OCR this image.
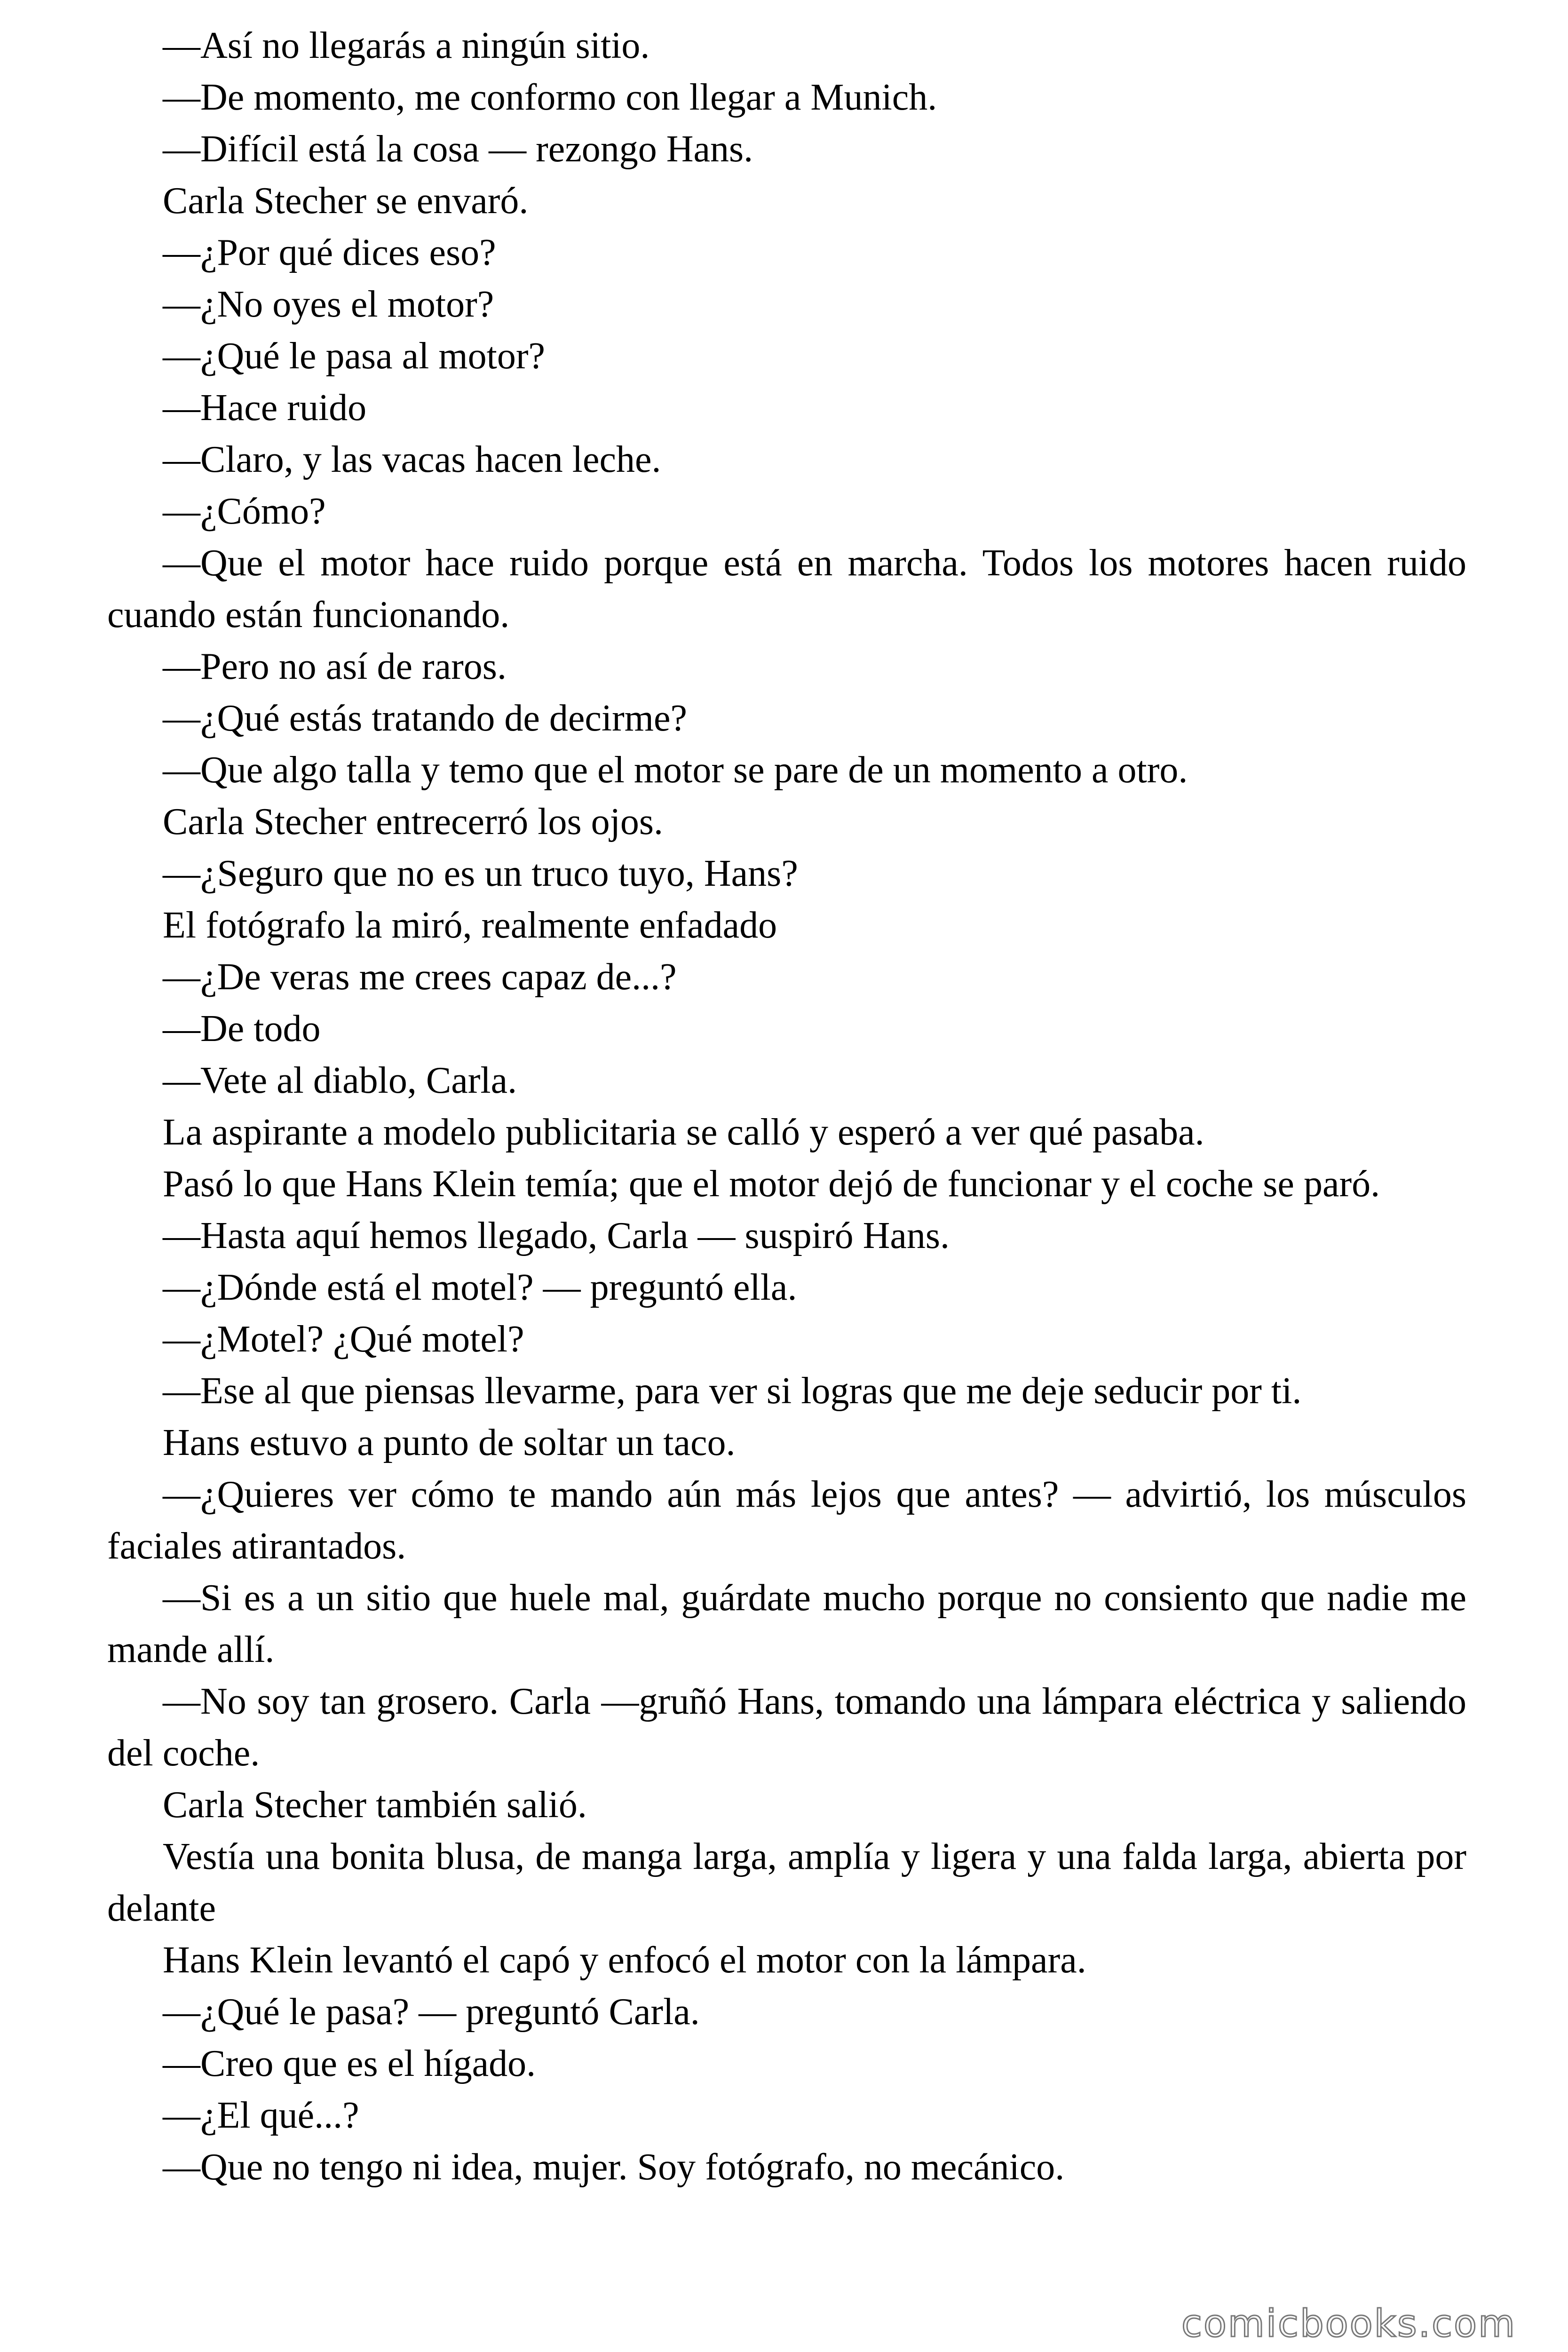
—Así no llegarás a ningún sitio.

—De momento, me conformo con llegar a Munich.

—Difícil está la cosa — rezongo Hans.

Carla Stecher se envaró.

—¿Por qué dices eso?

—¿No oyes el motor?

—¿Qué le pasa al motor?

—Hace ruido

—Claro, y las vacas hacen leche.

—¿Cómo?

—Que el motor hace ruido porque está en marcha. Todos los motores hacen ruido cuando están funcionando.

—Pero no así de raros.

—¿Qué estás tratando de decirme?

—Que algo talla y temo que el motor se pare de un momento a otro.

Carla Stecher entrecerró los ojos.

—¿Seguro que no es un truco tuyo, Hans?

El fotógrafo la miró, realmente enfadado

—¿De veras me crees capaz de...?

—De todo

—Vete al diablo, Carla.

La aspirante a modelo publicitaria se calló y esperó a ver qué pasaba.

Pasó lo que Hans Klein temía; que el motor dejó de funcionar y el coche se paró.

—Hasta aquí hemos llegado, Carla — suspiró Hans.

—¿Dónde está el motel? — preguntó ella.

—¿Motel? ¿Qué motel?

—Ese al que piensas llevarme, para ver si logras que me deje seducir por ti.

Hans estuvo a punto de soltar un taco.

—¿Quieres ver cómo te mando aún más lejos que antes? — advirtió, los músculos faciales atirantados.

—Si es a un sitio que huele mal, guárdate mucho porque no consiento que nadie me mande allí.

—No soy tan grosero. Carla —gruñó Hans, tomando una lámpara eléctrica y saliendo del coche.

Carla Stecher también salió.

Vestía una bonita blusa, de manga larga, amplía y ligera y una falda larga, abierta por delante

Hans Klein levantó el capó y enfocó el motor con la lámpara.

—¿Qué le pasa? — preguntó Carla.

—Creo que es el hígado.

—¿El qué...?

—Que no tengo ni idea, mujer. Soy fotógrafo, no mecánico.

comicbooks.com
